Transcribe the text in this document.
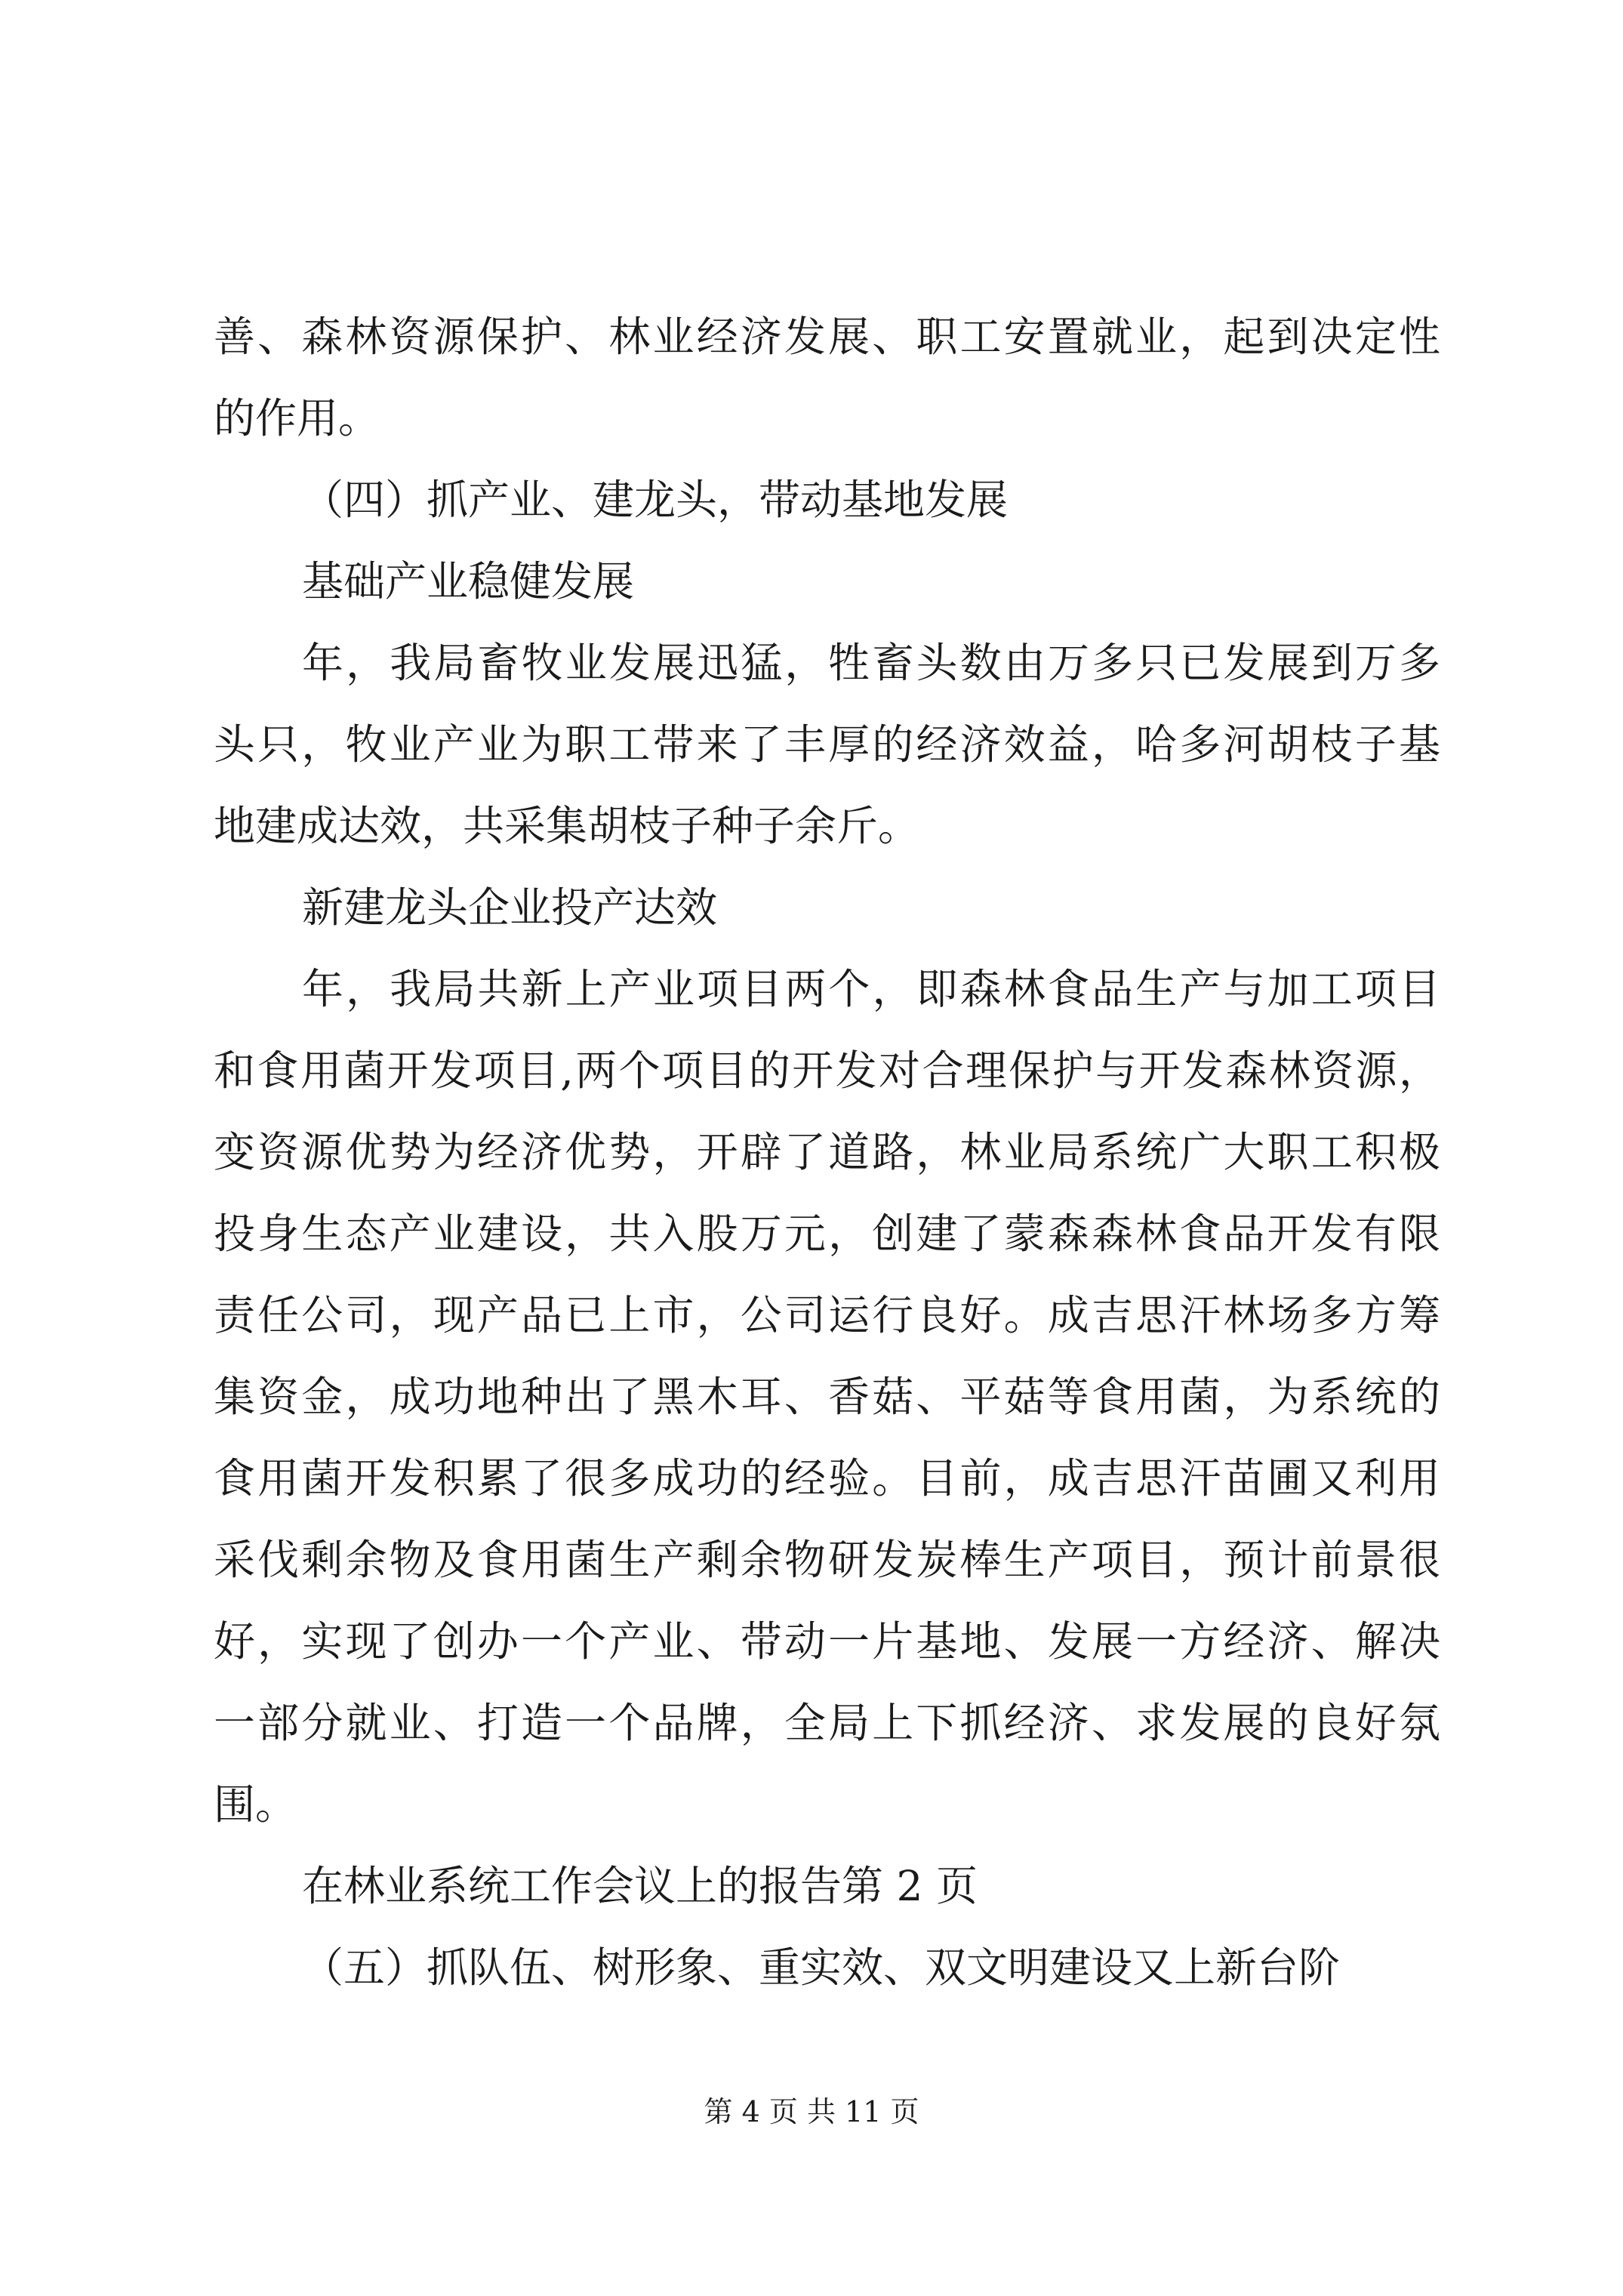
善、森林资源保护、林业经济发展、职工安置就业，起到决定性
的作用。
（四）抓产业、建龙头，带动基地发展
基础产业稳健发展
年，我局畜牧业发展迅猛，牲畜头数由万多只已发展到万多
头只，牧业产业为职工带来了丰厚的经济效益，哈多河胡枝子基
地建成达效，共采集胡枝子种子余斤。
新建龙头企业投产达效
年，我局共新上产业项目两个，即森林食品生产与加工项目
和食用菌开发项目,两个项目的开发对合理保护与开发森林资源，
变资源优势为经济优势，开辟了道路，林业局系统广大职工积极
投身生态产业建设，共入股万元，创建了蒙森森林食品开发有限
责任公司，现产品已上市，公司运行良好。成吉思汗林场多方筹
集资金，成功地种出了黑木耳、香菇、平菇等食用菌，为系统的
食用菌开发积累了很多成功的经验。目前，成吉思汗苗圃又利用
采伐剩余物及食用菌生产剩余物研发炭棒生产项目，预计前景很
好，实现了创办一个产业、带动一片基地、发展一方经济、解决
一部分就业、打造一个品牌，全局上下抓经济、求发展的良好氛
围。
在林业系统工作会议上的报告第 2 页
（五）抓队伍、树形象、重实效、双文明建设又上新台阶
第 4 页 共 11 页
